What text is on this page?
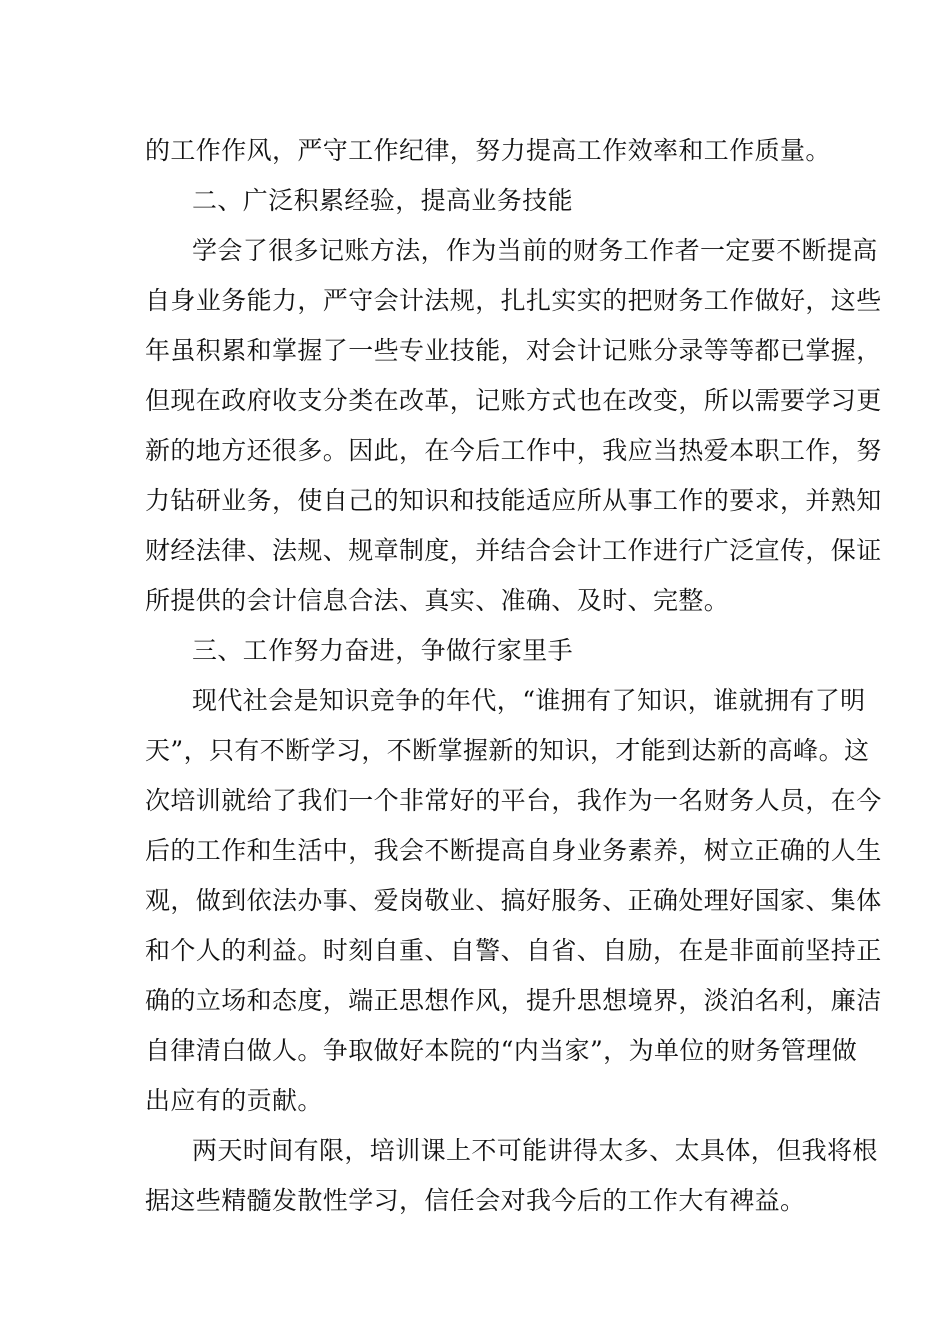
的工作作风，严守工作纪律，努力提高工作效率和工作质量。
二、广泛积累经验，提高业务技能
学会了很多记账方法，作为当前的财务工作者一定要不断提高
自身业务能力，严守会计法规，扎扎实实的把财务工作做好，这些
年虽积累和掌握了一些专业技能，对会计记账分录等等都已掌握，
但现在政府收支分类在改革，记账方式也在改变，所以需要学习更
新的地方还很多。因此，在今后工作中，我应当热爱本职工作，努
力钻研业务，使自己的知识和技能适应所从事工作的要求，并熟知
财经法律、法规、规章制度，并结合会计工作进行广泛宣传，保证
所提供的会计信息合法、真实、准确、及时、完整。
三、工作努力奋进，争做行家里手
现代社会是知识竞争的年代，“谁拥有了知识，谁就拥有了明
天”，只有不断学习，不断掌握新的知识，才能到达新的高峰。这
次培训就给了我们一个非常好的平台，我作为一名财务人员，在今
后的工作和生活中，我会不断提高自身业务素养，树立正确的人生
观，做到依法办事、爱岗敬业、搞好服务、正确处理好国家、集体
和个人的利益。时刻自重、自警、自省、自励，在是非面前坚持正
确的立场和态度，端正思想作风，提升思想境界，淡泊名利，廉洁
自律清白做人。争取做好本院的“内当家”，为单位的财务管理做
出应有的贡献。
两天时间有限，培训课上不可能讲得太多、太具体，但我将根
据这些精髓发散性学习，信任会对我今后的工作大有裨益。
